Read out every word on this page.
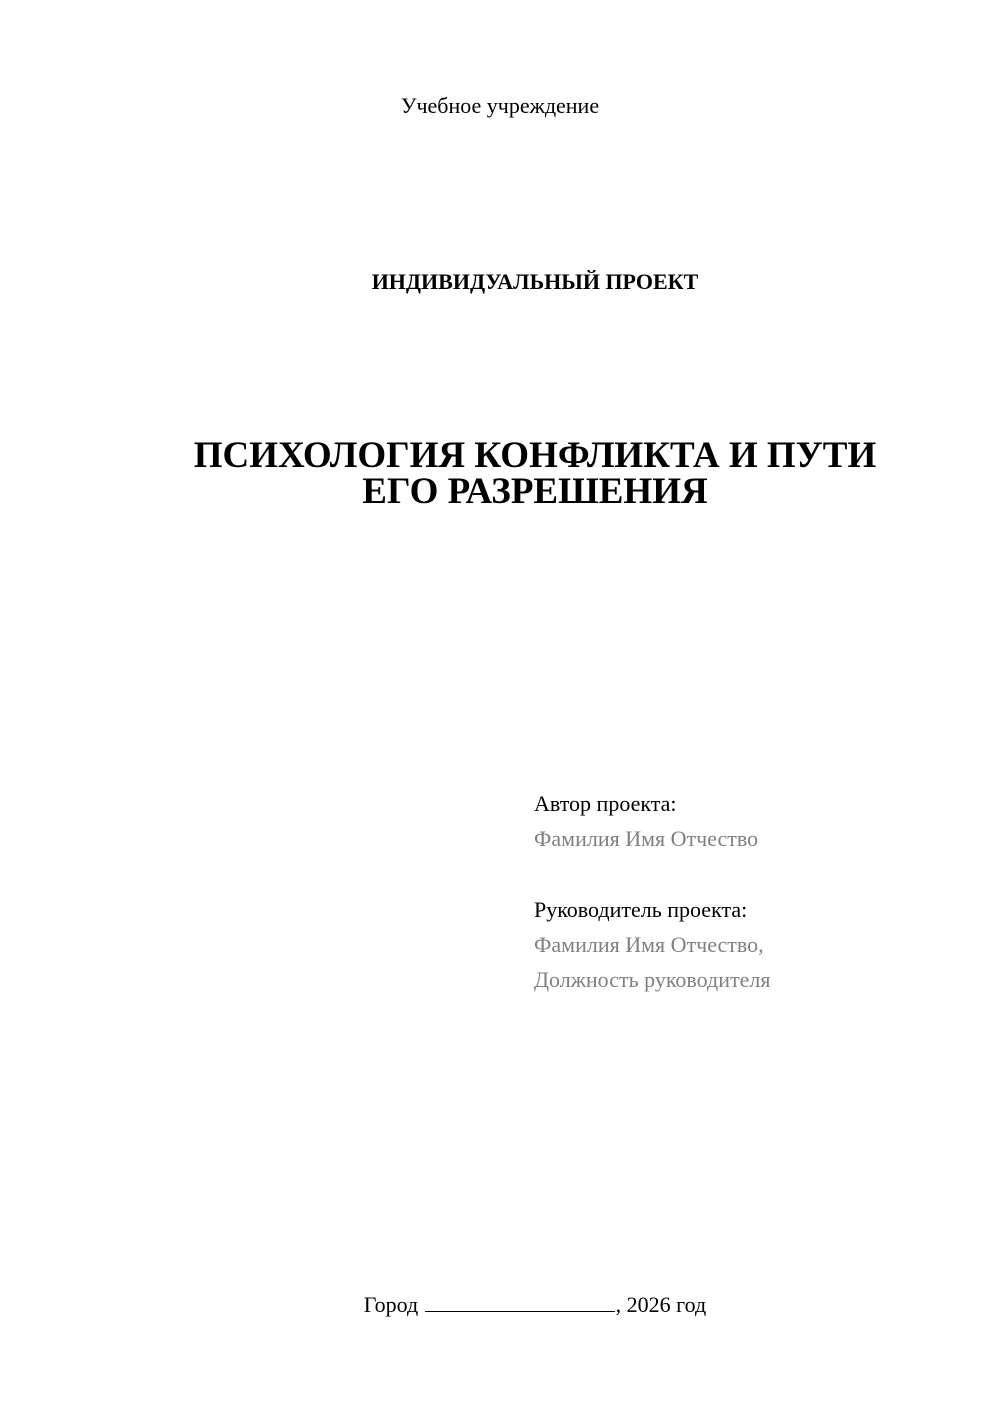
Учебное учреждение

ИНДИВИДУАЛЬНЫЙ ПРОЕКТ

ПСИХОЛОГИЯ КОНФЛИКТА И ПУТИ
ЕГО РАЗРЕШЕНИЯ
Автор проекта:
Фамилия Имя Отчество
Руководитель проекта:
Фамилия Имя Отчество,
Должность руководителя

Город	, 2026 год
